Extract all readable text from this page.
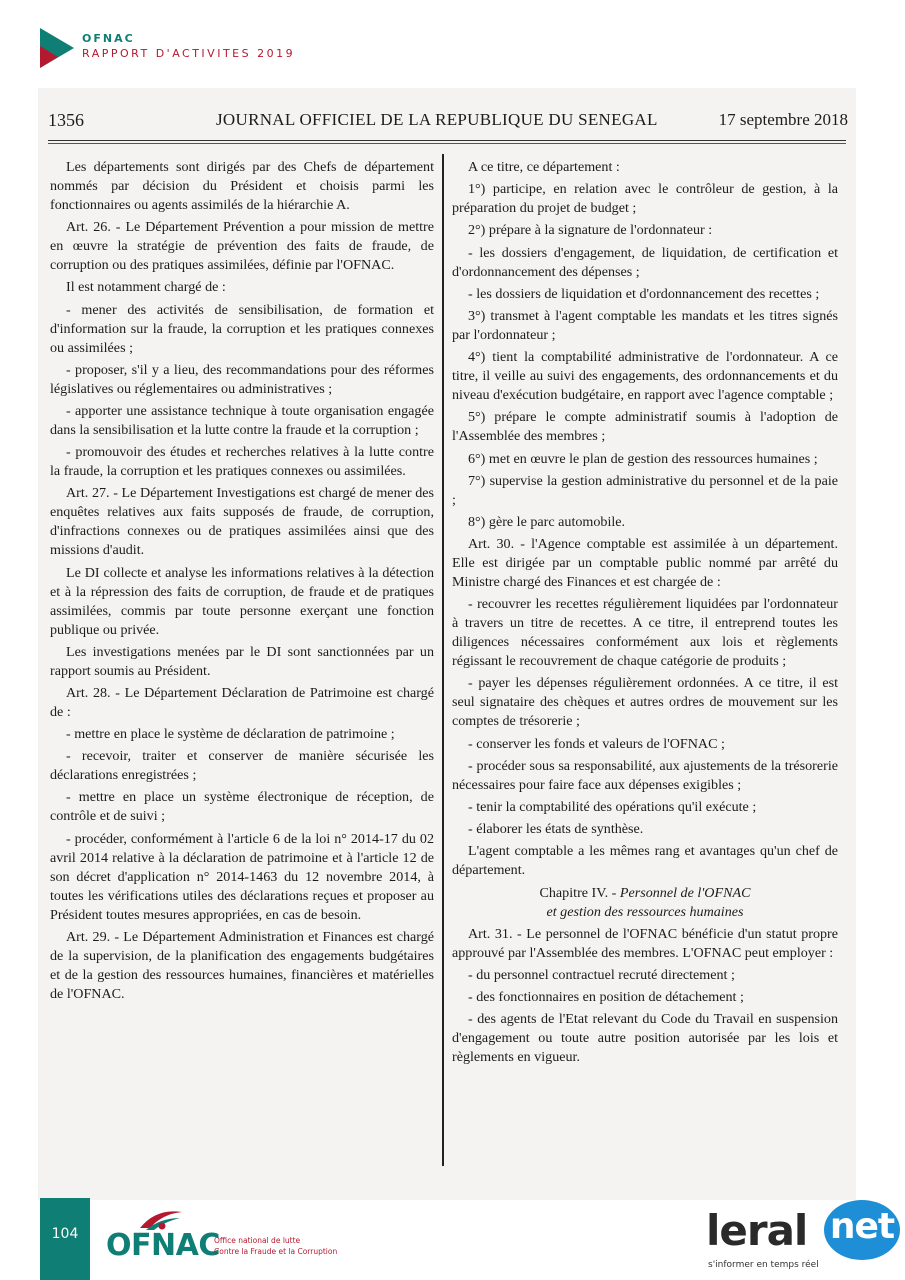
OFNAC
RAPPORT D'ACTIVITES 2019
1356	JOURNAL OFFICIEL DE LA REPUBLIQUE DU SENEGAL	17 septembre 2018

Les départements sont dirigés par des Chefs de département nommés par décision du Président et choisis parmi les fonctionnaires ou agents assimilés de la hiérarchie A.

Art. 26. - Le Département Prévention a pour mission de mettre en œuvre la stratégie de prévention des faits de fraude, de corruption ou des pratiques assimilées, définie par l'OFNAC.

Il est notamment chargé de :

- mener des activités de sensibilisation, de formation et d'information sur la fraude, la corruption et les pratiques connexes ou assimilées ;

- proposer, s'il y a lieu, des recommandations pour des réformes législatives ou réglementaires ou administratives ;

- apporter une assistance technique à toute organisation engagée dans la sensibilisation et la lutte contre la fraude et la corruption ;

- promouvoir des études et recherches relatives à la lutte contre la fraude, la corruption et les pratiques connexes ou assimilées.

Art. 27. - Le Département Investigations est chargé de mener des enquêtes relatives aux faits supposés de fraude, de corruption, d'infractions connexes ou de pratiques assimilées ainsi que des missions d'audit.

Le DI collecte et analyse les informations relatives à la détection et à la répression des faits de corruption, de fraude et de pratiques assimilées, commis par toute personne exerçant une fonction publique ou privée.

Les investigations menées par le DI sont sanctionnées par un rapport soumis au Président.

Art. 28. - Le Département Déclaration de Patrimoine est chargé de :

- mettre en place le système de déclaration de patrimoine ;

- recevoir, traiter et conserver de manière sécurisée les déclarations enregistrées ;

- mettre en place un système électronique de réception, de contrôle et de suivi ;

- procéder, conformément à l'article 6 de la loi n° 2014-17 du 02 avril 2014 relative à la déclaration de patrimoine et à l'article 12 de son décret d'application n° 2014-1463 du 12 novembre 2014, à toutes les vérifications utiles des déclarations reçues et proposer au Président toutes mesures appropriées, en cas de besoin.

Art. 29. - Le Département Administration et Finances est chargé de la supervision, de la planification des engagements budgétaires et de la gestion des ressources humaines, financières et matérielles de l'OFNAC.

A ce titre, ce département :

1°) participe, en relation avec le contrôleur de gestion, à la préparation du projet de budget ;

2°) prépare à la signature de l'ordonnateur :

- les dossiers d'engagement, de liquidation, de certification et d'ordonnancement des dépenses ;

- les dossiers de liquidation et d'ordonnancement des recettes ;

3°) transmet à l'agent comptable les mandats et les titres signés par l'ordonnateur ;

4°) tient la comptabilité administrative de l'ordonnateur. A ce titre, il veille au suivi des engagements, des ordonnancements et du niveau d'exécution budgétaire, en rapport avec l'agence comptable ;

5°) prépare le compte administratif soumis à l'adoption de l'Assemblée des membres ;

6°) met en œuvre le plan de gestion des ressources humaines ;

7°) supervise la gestion administrative du personnel et de la paie ;

8°) gère le parc automobile.

Art. 30. - l'Agence comptable est assimilée à un département. Elle est dirigée par un comptable public nommé par arrêté du Ministre chargé des Finances et est chargée de :

- recouvrer les recettes régulièrement liquidées par l'ordonnateur à travers un titre de recettes. A ce titre, il entreprend toutes les diligences nécessaires conformément aux lois et règlements régissant le recouvrement de chaque catégorie de produits ;

- payer les dépenses régulièrement ordonnées. A ce titre, il est seul signataire des chèques et autres ordres de mouvement sur les comptes de trésorerie ;

- conserver les fonds et valeurs de l'OFNAC ;

- procéder sous sa responsabilité, aux ajustements de la trésorerie nécessaires pour faire face aux dépenses exigibles ;

- tenir la comptabilité des opérations qu'il exécute ;

- élaborer les états de synthèse.

L'agent comptable a les mêmes rang et avantages qu'un chef de département.

Chapitre IV. - Personnel de l'OFNAC
et gestion des ressources humaines

Art. 31. - Le personnel de l'OFNAC bénéficie d'un statut propre approuvé par l'Assemblée des membres. L'OFNAC peut employer :

- du personnel contractuel recruté directement ;

- des fonctionnaires en position de détachement ;

- des agents de l'Etat relevant du Code du Travail en suspension d'engagement ou toute autre position autorisée par les lois et règlements en vigueur.

104 OFNAC
Office national de lutte
Contre la Fraude et la Corruption	leral net
s'informer en temps réel
